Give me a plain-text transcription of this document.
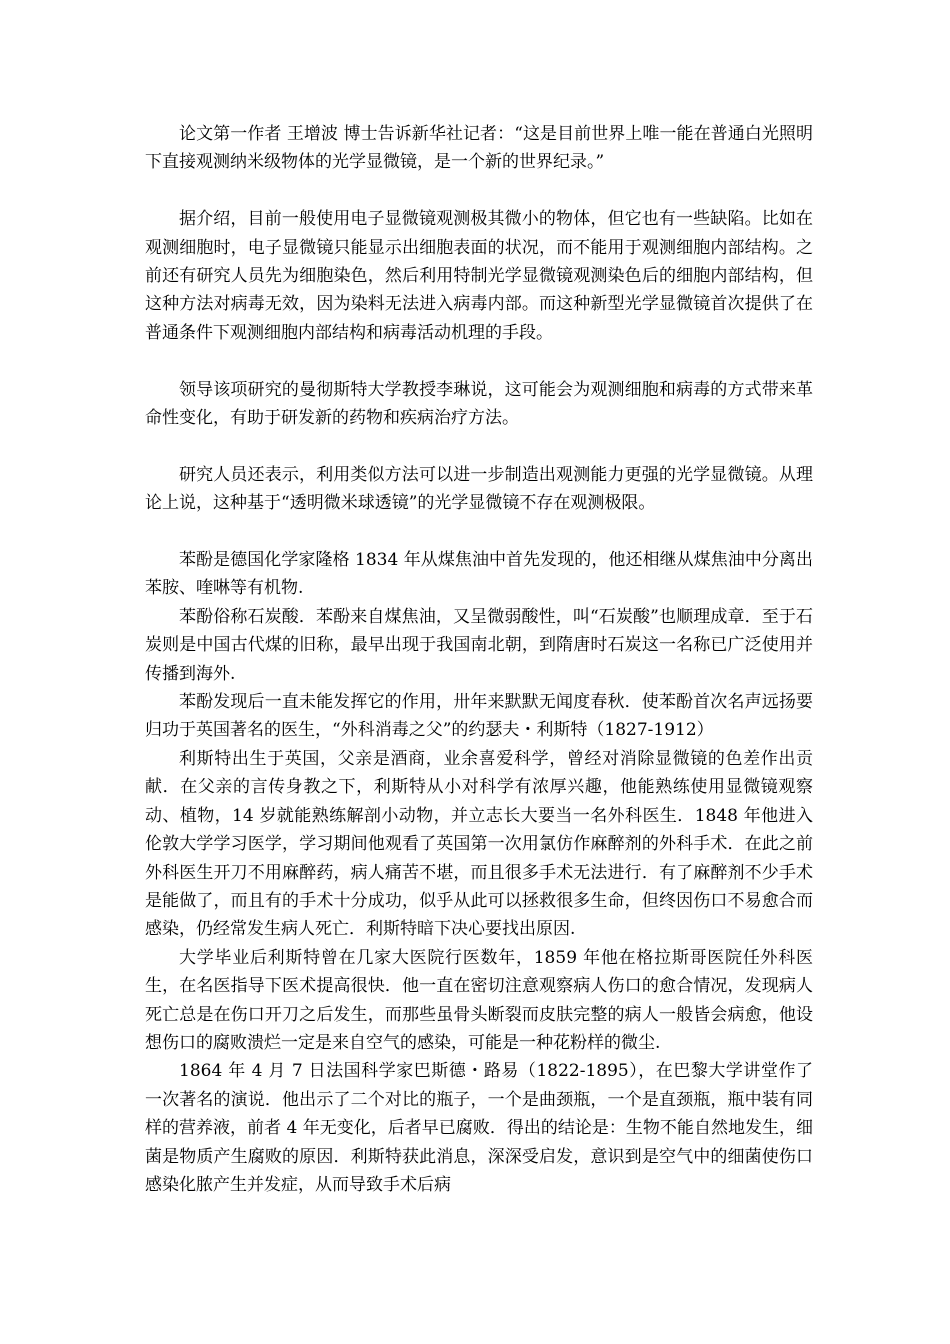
论文第一作者 王增波 博士告诉新华社记者：“这是目前世界上唯一能在普通白光照明下直接观测纳米级物体的光学显微镜，是一个新的世界纪录。”

据介绍，目前一般使用电子显微镜观测极其微小的物体，但它也有一些缺陷。比如在观测细胞时，电子显微镜只能显示出细胞表面的状况，而不能用于观测细胞内部结构。之前还有研究人员先为细胞染色，然后利用特制光学显微镜观测染色后的细胞内部结构，但这种方法对病毒无效，因为染料无法进入病毒内部。而这种新型光学显微镜首次提供了在普通条件下观测细胞内部结构和病毒活动机理的手段。

领导该项研究的曼彻斯特大学教授李琳说，这可能会为观测细胞和病毒的方式带来革命性变化，有助于研发新的药物和疾病治疗方法。

研究人员还表示，利用类似方法可以进一步制造出观测能力更强的光学显微镜。从理论上说，这种基于“透明微米球透镜”的光学显微镜不存在观测极限。

苯酚是德国化学家隆格 1834 年从煤焦油中首先发现的，他还相继从煤焦油中分离出苯胺、喹啉等有机物.

苯酚俗称石炭酸．苯酚来自煤焦油，又呈微弱酸性，叫“石炭酸”也顺理成章．至于石炭则是中国古代煤的旧称，最早出现于我国南北朝，到隋唐时石炭这一名称已广泛使用并传播到海外.

苯酚发现后一直未能发挥它的作用，卅年来默默无闻度春秋．使苯酚首次名声远扬要归功于英国著名的医生，“外科消毒之父”的约瑟夫・利斯特（1827-1912）

利斯特出生于英国，父亲是酒商，业余喜爱科学，曾经对消除显微镜的色差作出贡献．在父亲的言传身教之下，利斯特从小对科学有浓厚兴趣，他能熟练使用显微镜观察动、植物，14 岁就能熟练解剖小动物，并立志长大要当一名外科医生．1848 年他进入伦敦大学学习医学，学习期间他观看了英国第一次用氯仿作麻醉剂的外科手术．在此之前外科医生开刀不用麻醉药，病人痛苦不堪，而且很多手术无法进行．有了麻醉剂不少手术是能做了，而且有的手术十分成功，似乎从此可以拯救很多生命，但终因伤口不易愈合而感染，仍经常发生病人死亡．利斯特暗下决心要找出原因.

大学毕业后利斯特曾在几家大医院行医数年，1859 年他在格拉斯哥医院任外科医生，在名医指导下医术提高很快．他一直在密切注意观察病人伤口的愈合情况，发现病人死亡总是在伤口开刀之后发生，而那些虽骨头断裂而皮肤完整的病人一般皆会病愈，他设想伤口的腐败溃烂一定是来自空气的感染，可能是一种花粉样的微尘.

1864 年 4 月 7 日法国科学家巴斯德・路易（1822-1895），在巴黎大学讲堂作了一次著名的演说．他出示了二个对比的瓶子，一个是曲颈瓶，一个是直颈瓶，瓶中装有同样的营养液，前者 4 年无变化，后者早已腐败．得出的结论是：生物不能自然地发生，细菌是物质产生腐败的原因．利斯特获此消息，深深受启发，意识到是空气中的细菌使伤口感染化脓产生并发症，从而导致手术后病
